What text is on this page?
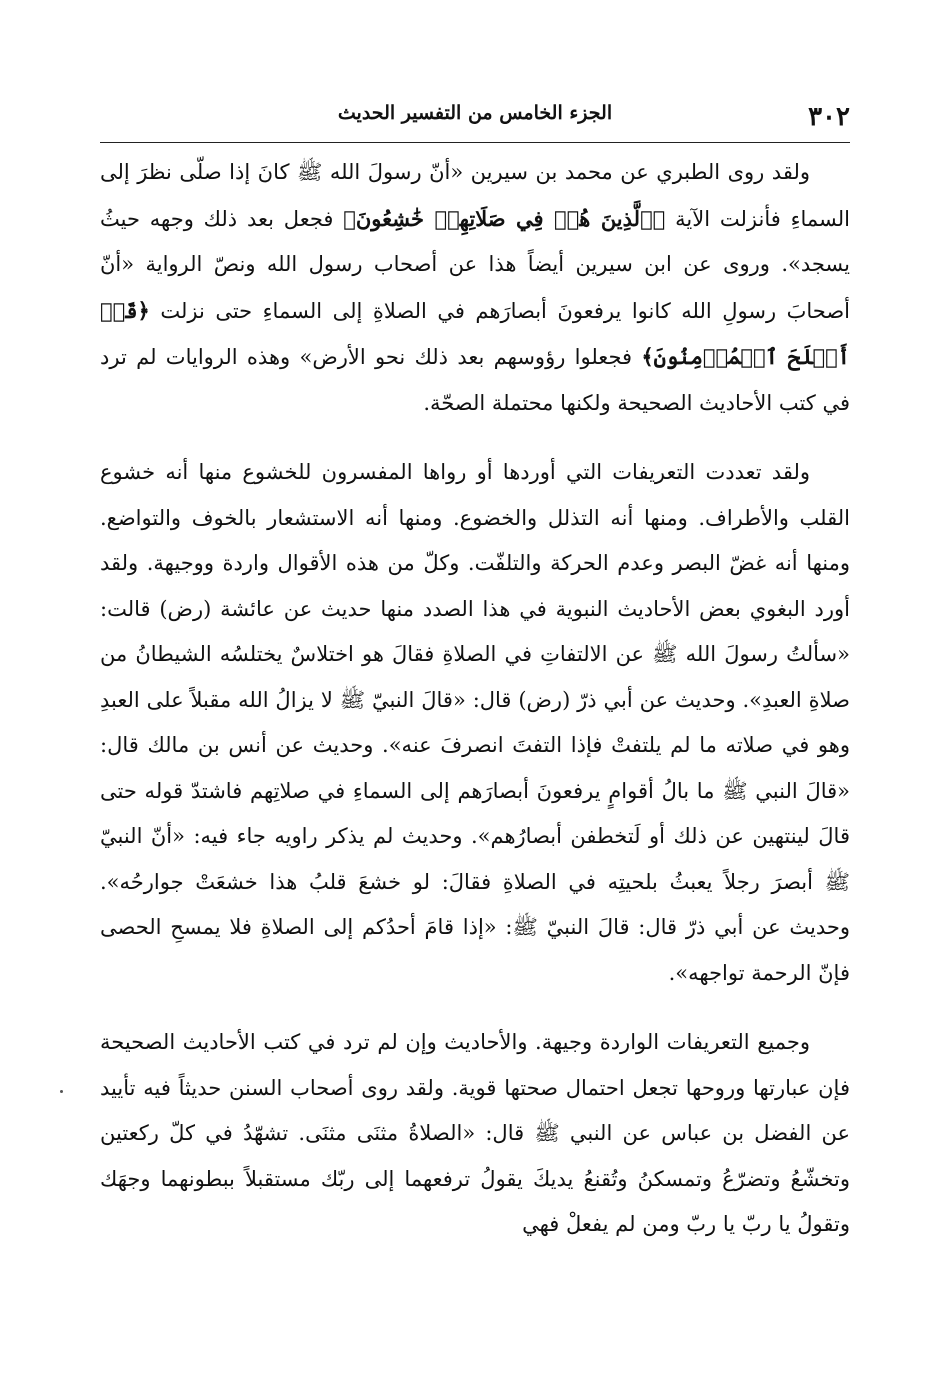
٣٠٢
الجزء الخامس من التفسير الحديث

ولقد روى الطبري عن محمد بن سيرين «أنّ رسولَ الله ﷺ كانَ إذا صلّى نظرَ إلى السماءِ فأنزلت الآية ﴿ٱلَّذِينَ هُمۡ فِي صَلَاتِهِمۡ خَٰشِعُونَ﴾ فجعل بعد ذلك وجهه حيثُ يسجد». وروى عن ابن سيرين أيضاً هذا عن أصحاب رسول الله ونصّ الرواية «أنّ أصحابَ رسولِ الله كانوا يرفعونَ أبصارَهم في الصلاةِ إلى السماءِ حتى نزلت ﴿قَدۡ أَفۡلَحَ ٱلۡمُؤۡمِنُونَ﴾ فجعلوا رؤوسهم بعد ذلك نحو الأرض» وهذه الروايات لم ترد في كتب الأحاديث الصحيحة ولكنها محتملة الصحّة.

ولقد تعددت التعريفات التي أوردها أو رواها المفسرون للخشوع منها أنه خشوع القلب والأطراف. ومنها أنه التذلل والخضوع. ومنها أنه الاستشعار بالخوف والتواضع. ومنها أنه غضّ البصر وعدم الحركة والتلفّت. وكلّ من هذه الأقوال واردة ووجيهة. ولقد أورد البغوي بعض الأحاديث النبوية في هذا الصدد منها حديث عن عائشة (رض) قالت: «سألتُ رسولَ الله ﷺ عن الالتفاتِ في الصلاةِ فقالَ هو اختلاسٌ يختلسُه الشيطانُ من صلاةِ العبدِ». وحديث عن أبي ذرّ (رض) قال: «قالَ النبيّ ﷺ لا يزالُ الله مقبلاً على العبدِ وهو في صلاته ما لم يلتفتْ فإذا التفتَ انصرفَ عنه». وحديث عن أنس بن مالك قال: «قالَ النبي ﷺ ما بالُ أقوامٍ يرفعونَ أبصارَهم إلى السماءِ في صلاتِهم فاشتدّ قوله حتى قالَ لينتهين عن ذلك أو لَتخطفن أبصارُهم». وحديث لم يذكر راويه جاء فيه: «أنّ النبيّ ﷺ أبصرَ رجلاً يعبثُ بلحيتِه في الصلاةِ فقالَ: لو خشعَ قلبُ هذا خشعَتْ جوارحُه». وحديث عن أبي ذرّ قال: قالَ النبيّ ﷺ: «إذا قامَ أحدُكم إلى الصلاةِ فلا يمسحِ الحصى فإنّ الرحمة تواجهه».

وجميع التعريفات الواردة وجيهة. والأحاديث وإن لم ترد في كتب الأحاديث الصحيحة فإن عبارتها وروحها تجعل احتمال صحتها قوية. ولقد روى أصحاب السنن حديثاً فيه تأييد عن الفضل بن عباس عن النبي ﷺ قال: «الصلاةُ مثنَى مثنَى. تشهّدُ في كلّ ركعتين وتخشّعُ وتضرّعُ وتمسكنُ وتُقنعُ يديكَ يقولُ ترفعهما إلى ربّك مستقبلاً ببطونهما وجهَك وتقولُ يا ربّ يا ربّ ومن لم يفعلْ فهي
